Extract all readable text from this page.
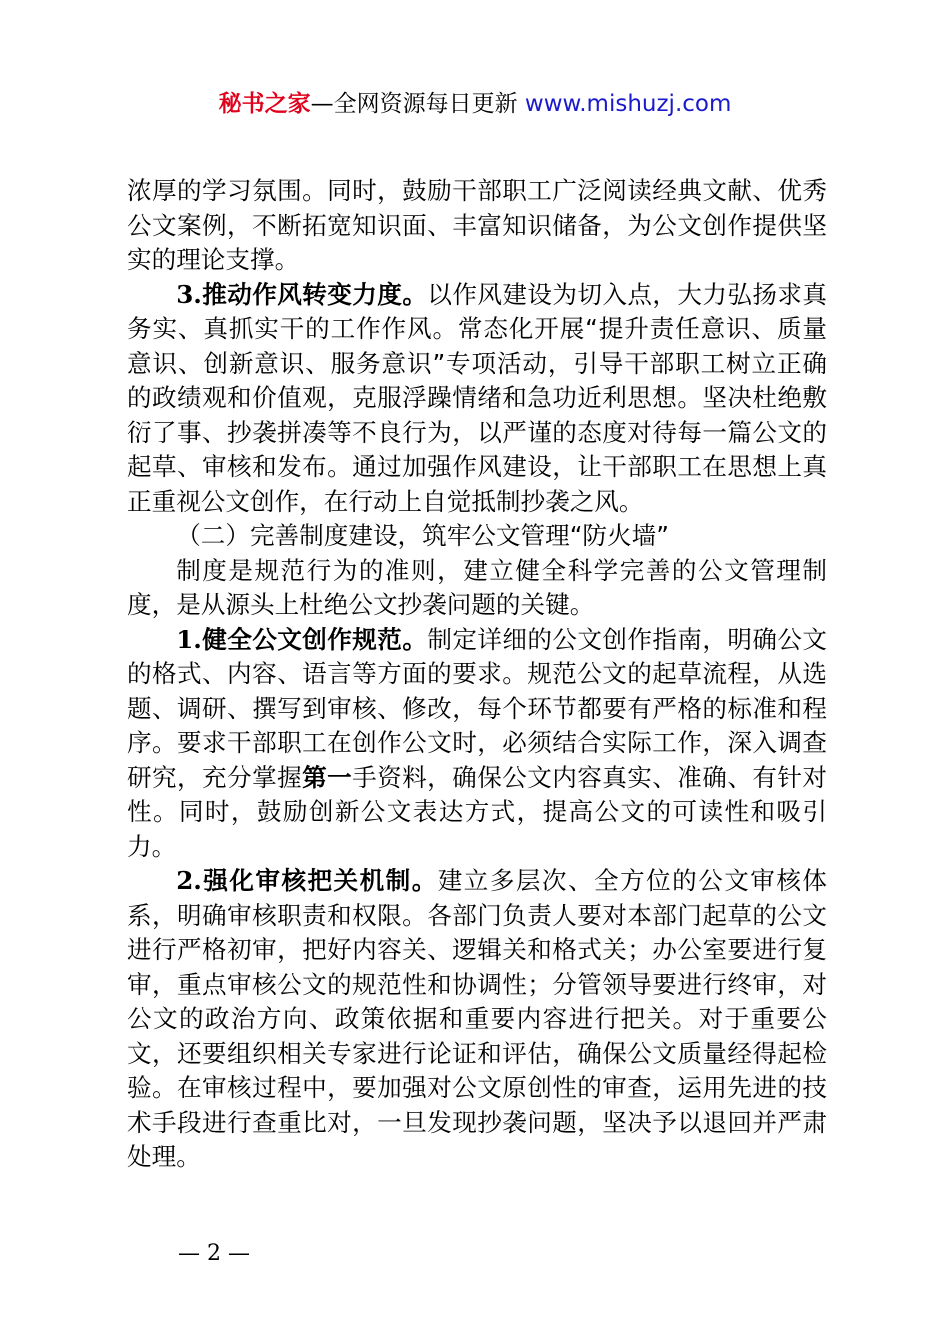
秘书之家—全网资源每日更新 www.mishuzj.com

浓厚的学习氛围。同时，鼓励干部职工广泛阅读经典文献、优秀公文案例，不断拓宽知识面、丰富知识储备，为公文创作提供坚实的理论支撑。

3.推动作风转变力度。以作风建设为切入点，大力弘扬求真务实、真抓实干的工作作风。常态化开展“提升责任意识、质量意识、创新意识、服务意识”专项活动，引导干部职工树立正确的政绩观和价值观，克服浮躁情绪和急功近利思想。坚决杜绝敷衍了事、抄袭拼凑等不良行为，以严谨的态度对待每一篇公文的起草、审核和发布。通过加强作风建设，让干部职工在思想上真正重视公文创作，在行动上自觉抵制抄袭之风。

（二）完善制度建设，筑牢公文管理“防火墙”

制度是规范行为的准则，建立健全科学完善的公文管理制度，是从源头上杜绝公文抄袭问题的关键。

1.健全公文创作规范。制定详细的公文创作指南，明确公文的格式、内容、语言等方面的要求。规范公文的起草流程，从选题、调研、撰写到审核、修改，每个环节都要有严格的标准和程序。要求干部职工在创作公文时，必须结合实际工作，深入调查研究，充分掌握第一手资料，确保公文内容真实、准确、有针对性。同时，鼓励创新公文表达方式，提高公文的可读性和吸引力。

2.强化审核把关机制。建立多层次、全方位的公文审核体系，明确审核职责和权限。各部门负责人要对本部门起草的公文进行严格初审，把好内容关、逻辑关和格式关；办公室要进行复审，重点审核公文的规范性和协调性；分管领导要进行终审，对公文的政治方向、政策依据和重要内容进行把关。对于重要公文，还要组织相关专家进行论证和评估，确保公文质量经得起检验。在审核过程中，要加强对公文原创性的审查，运用先进的技术手段进行查重比对，一旦发现抄袭问题，坚决予以退回并严肃处理。

— 2 —
